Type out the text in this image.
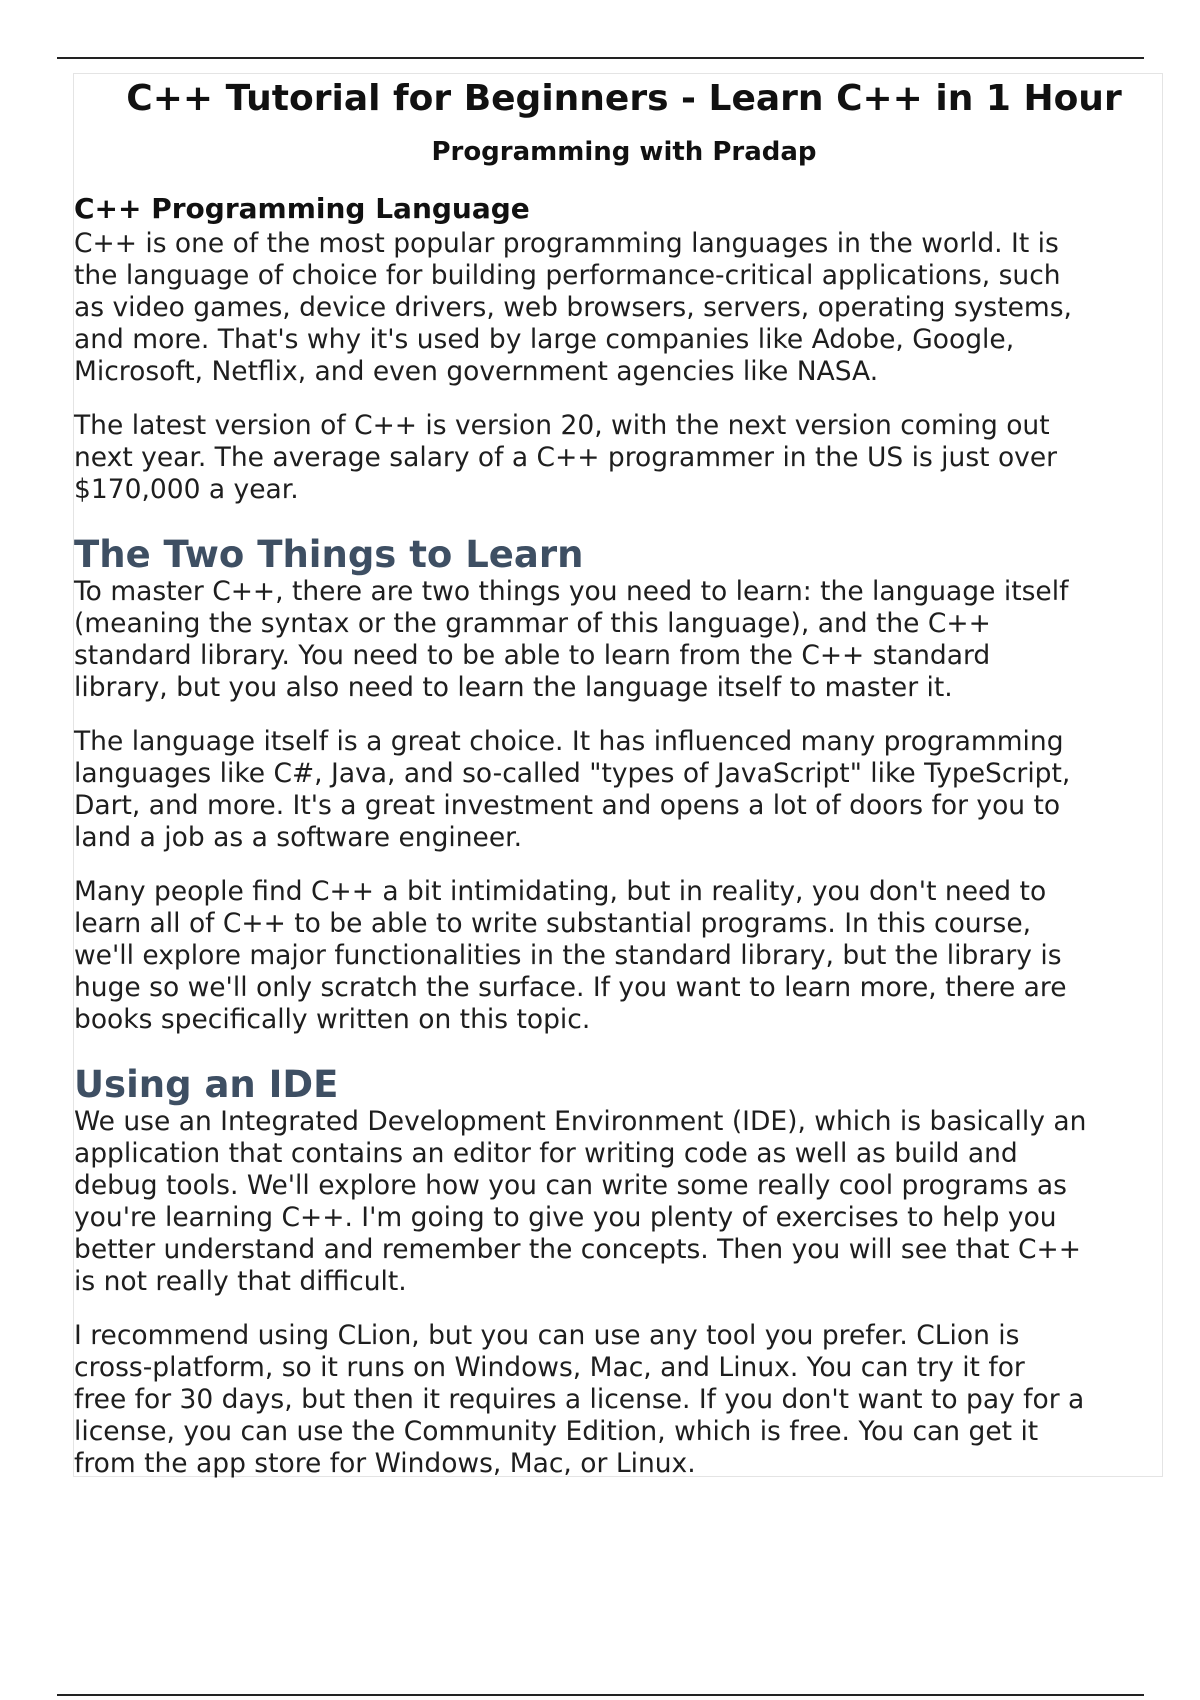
C++ Tutorial for Beginners - Learn C++ in 1 Hour
Programming with Pradap
C++ Programming Language

C++ is one of the most popular programming languages in the world. It is

the language of choice for building performance-critical applications, such

as video games, device drivers, web browsers, servers, operating systems,

and more. That's why it's used by large companies like Adobe, Google,

Microsoft, Netflix, and even government agencies like NASA.

The latest version of C++ is version 20, with the next version coming out

next year. The average salary of a C++ programmer in the US is just over

$170,000 a year.

The Two Things to Learn

To master C++, there are two things you need to learn: the language itself

(meaning the syntax or the grammar of this language), and the C++

standard library. You need to be able to learn from the C++ standard

library, but you also need to learn the language itself to master it.

The language itself is a great choice. It has influenced many programming

languages like C#, Java, and so-called "types of JavaScript" like TypeScript,

Dart, and more. It's a great investment and opens a lot of doors for you to

land a job as a software engineer.

Many people find C++ a bit intimidating, but in reality, you don't need to

learn all of C++ to be able to write substantial programs. In this course,

we'll explore major functionalities in the standard library, but the library is

huge so we'll only scratch the surface. If you want to learn more, there are

books specifically written on this topic.

Using an IDE

We use an Integrated Development Environment (IDE), which is basically an

application that contains an editor for writing code as well as build and

debug tools. We'll explore how you can write some really cool programs as

you're learning C++. I'm going to give you plenty of exercises to help you

better understand and remember the concepts. Then you will see that C++

is not really that difficult.

I recommend using CLion, but you can use any tool you prefer. CLion is

cross-platform, so it runs on Windows, Mac, and Linux. You can try it for

free for 30 days, but then it requires a license. If you don't want to pay for a

license, you can use the Community Edition, which is free. You can get it

from the app store for Windows, Mac, or Linux.
